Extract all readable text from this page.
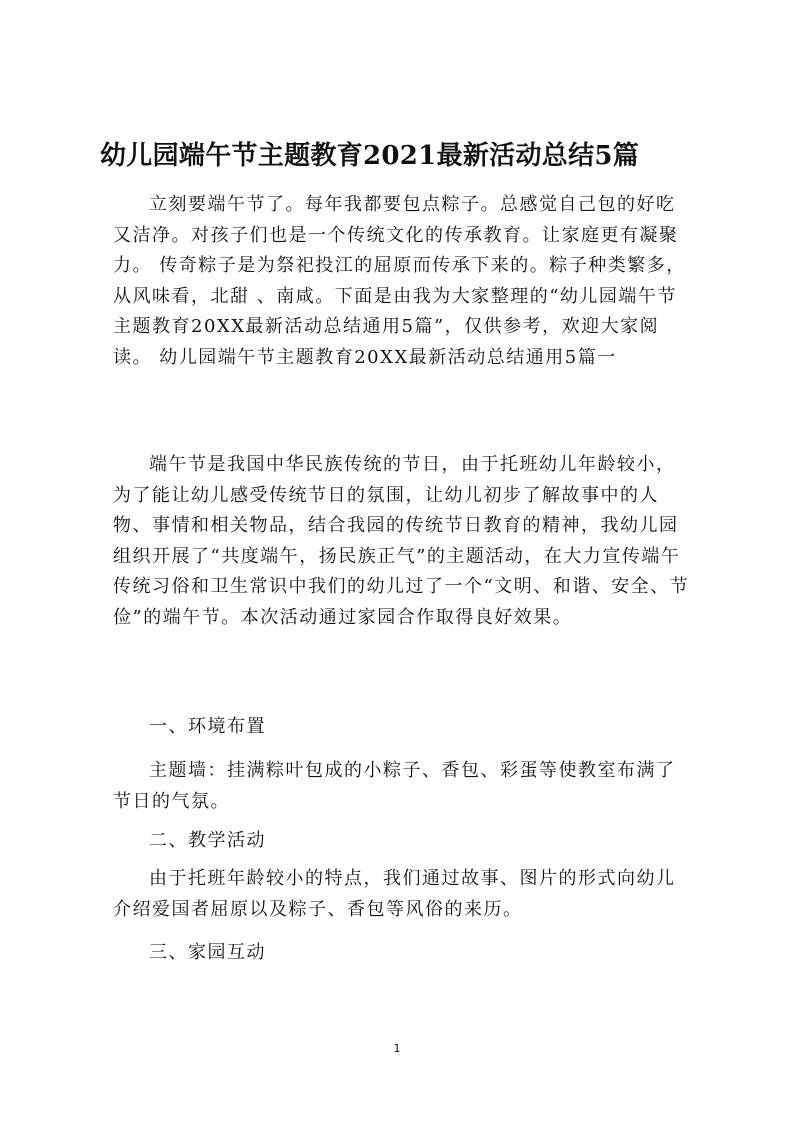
幼儿园端午节主题教育2021最新活动总结5篇

立刻要端午节了。每年我都要包点粽子。总感觉自己包的好吃又洁净。对孩子们也是一个传统文化的传承教育。让家庭更有凝聚力。 传奇粽子是为祭祀投江的屈原而传承下来的。粽子种类繁多，从风味看，北甜 、南咸。下面是由我为大家整理的“幼儿园端午节主题教育20XX最新活动总结通用5篇”，仅供参考，欢迎大家阅读。 幼儿园端午节主题教育20XX最新活动总结通用5篇一

端午节是我国中华民族传统的节日，由于托班幼儿年龄较小，为了能让幼儿感受传统节日的氛围，让幼儿初步了解故事中的人物、事情和相关物品，结合我园的传统节日教育的精神，我幼儿园组织开展了“共度端午，扬民族正气”的主题活动，在大力宣传端午传统习俗和卫生常识中我们的幼儿过了一个“文明、和谐、安全、节俭”的端午节。本次活动通过家园合作取得良好效果。

一、环境布置

主题墙：挂满粽叶包成的小粽子、香包、彩蛋等使教室布满了节日的气氛。

二、教学活动

由于托班年龄较小的特点，我们通过故事、图片的形式向幼儿介绍爱国者屈原以及粽子、香包等风俗的来历。

三、家园互动

1
